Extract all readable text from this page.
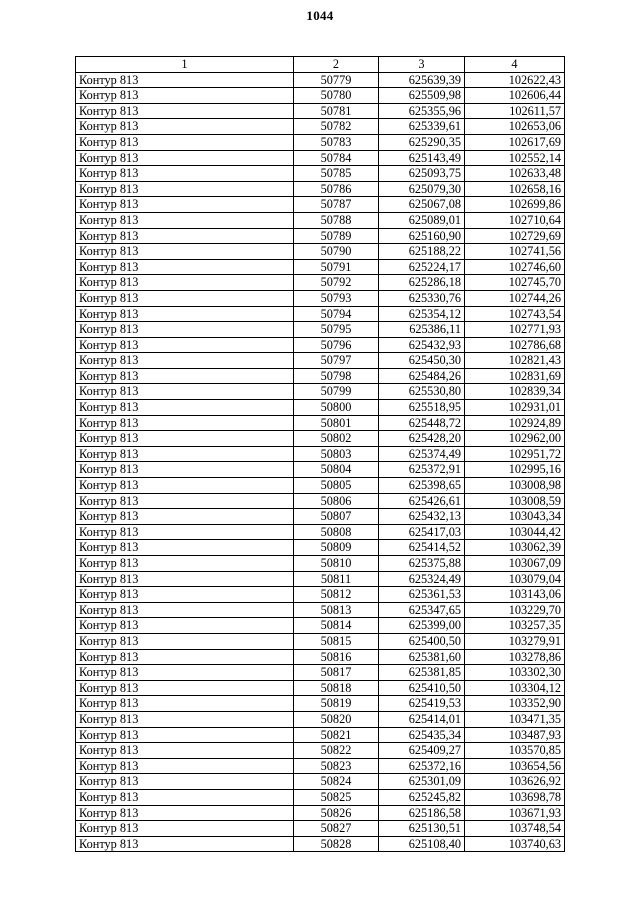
1044
1	2	3	4
Контур 813	50779	625639,39	102622,43
Контур 813	50780	625509,98	102606,44
Контур 813	50781	625355,96	102611,57
Контур 813	50782	625339,61	102653,06
Контур 813	50783	625290,35	102617,69
Контур 813	50784	625143,49	102552,14
Контур 813	50785	625093,75	102633,48
Контур 813	50786	625079,30	102658,16
Контур 813	50787	625067,08	102699,86
Контур 813	50788	625089,01	102710,64
Контур 813	50789	625160,90	102729,69
Контур 813	50790	625188,22	102741,56
Контур 813	50791	625224,17	102746,60
Контур 813	50792	625286,18	102745,70
Контур 813	50793	625330,76	102744,26
Контур 813	50794	625354,12	102743,54
Контур 813	50795	625386,11	102771,93
Контур 813	50796	625432,93	102786,68
Контур 813	50797	625450,30	102821,43
Контур 813	50798	625484,26	102831,69
Контур 813	50799	625530,80	102839,34
Контур 813	50800	625518,95	102931,01
Контур 813	50801	625448,72	102924,89
Контур 813	50802	625428,20	102962,00
Контур 813	50803	625374,49	102951,72
Контур 813	50804	625372,91	102995,16
Контур 813	50805	625398,65	103008,98
Контур 813	50806	625426,61	103008,59
Контур 813	50807	625432,13	103043,34
Контур 813	50808	625417,03	103044,42
Контур 813	50809	625414,52	103062,39
Контур 813	50810	625375,88	103067,09
Контур 813	50811	625324,49	103079,04
Контур 813	50812	625361,53	103143,06
Контур 813	50813	625347,65	103229,70
Контур 813	50814	625399,00	103257,35
Контур 813	50815	625400,50	103279,91
Контур 813	50816	625381,60	103278,86
Контур 813	50817	625381,85	103302,30
Контур 813	50818	625410,50	103304,12
Контур 813	50819	625419,53	103352,90
Контур 813	50820	625414,01	103471,35
Контур 813	50821	625435,34	103487,93
Контур 813	50822	625409,27	103570,85
Контур 813	50823	625372,16	103654,56
Контур 813	50824	625301,09	103626,92
Контур 813	50825	625245,82	103698,78
Контур 813	50826	625186,58	103671,93
Контур 813	50827	625130,51	103748,54
Контур 813	50828	625108,40	103740,63
